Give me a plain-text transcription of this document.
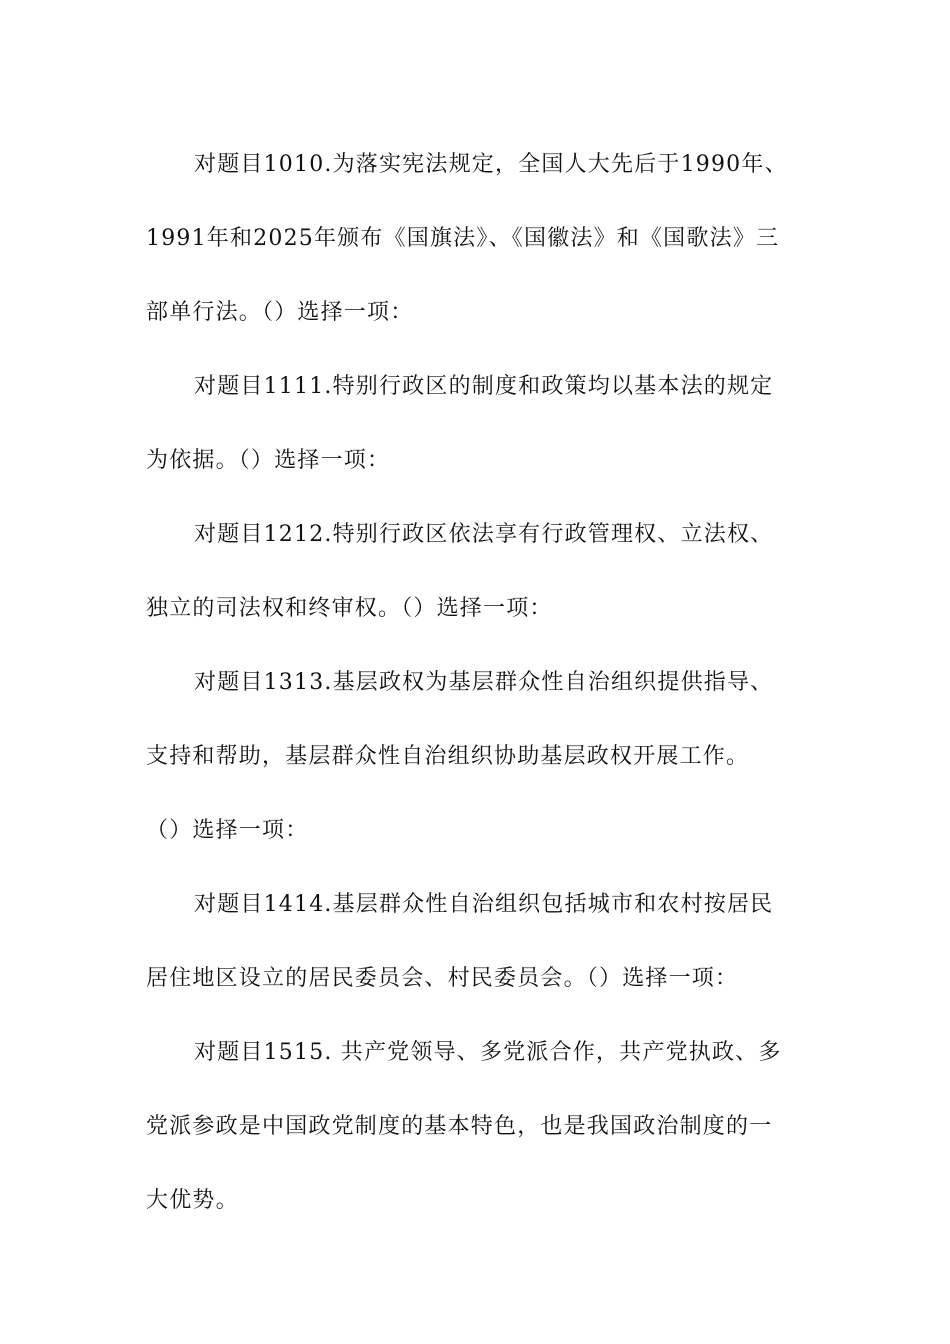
对题目1010.为落实宪法规定，全国人大先后于1990年、
1991年和2025年颁布《国旗法》、《国徽法》和《国歌法》三
部单行法。（）选择一项：

对题目1111.特别行政区的制度和政策均以基本法的规定
为依据。（）选择一项：

对题目1212.特别行政区依法享有行政管理权、立法权、
独立的司法权和终审权。（）选择一项：

对题目1313.基层政权为基层群众性自治组织提供指导、
支持和帮助，基层群众性自治组织协助基层政权开展工作。
（）选择一项：

对题目1414.基层群众性自治组织包括城市和农村按居民
居住地区设立的居民委员会、村民委员会。（）选择一项：

对题目1515. 共产党领导、多党派合作，共产党执政、多
党派参政是中国政党制度的基本特色，也是我国政治制度的一
大优势。
